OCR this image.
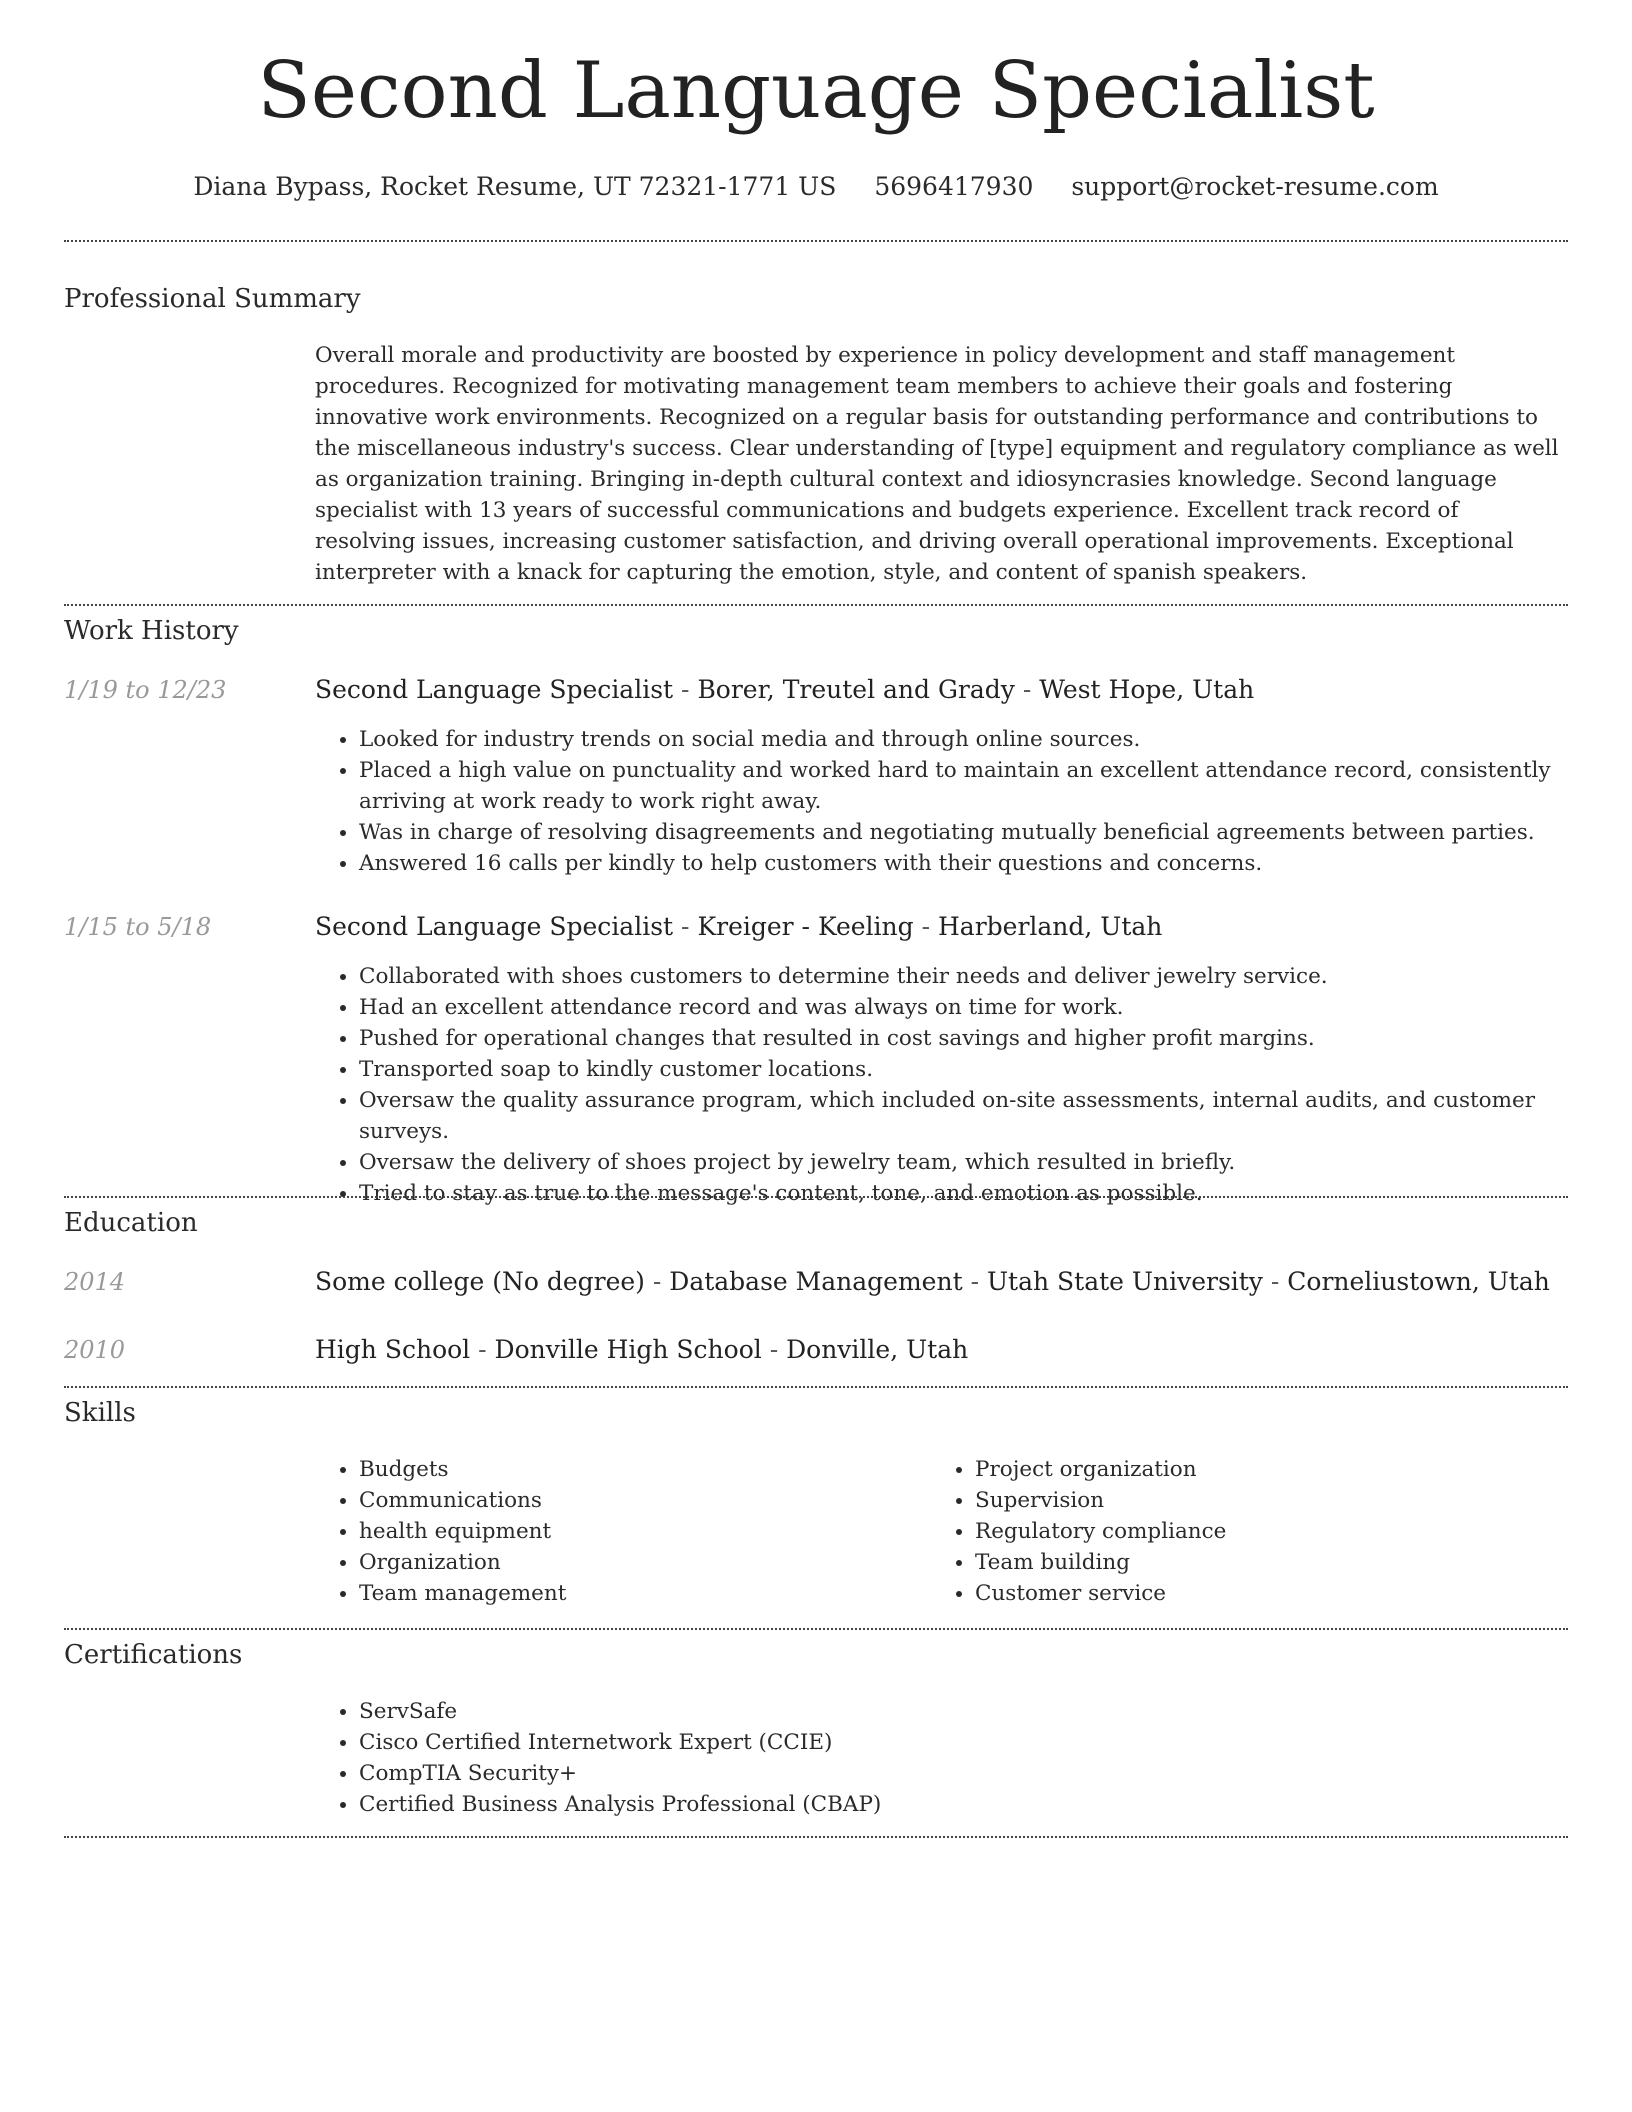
Second Language Specialist
Diana Bypass, Rocket Resume, UT 72321-1771 US 5696417930 support@rocket-resume.com
Professional Summary
Overall morale and productivity are boosted by experience in policy development and staff management procedures. Recognized for motivating management team members to achieve their goals and fostering innovative work environments. Recognized on a regular basis for outstanding performance and contributions to the miscellaneous industry's success. Clear understanding of [type] equipment and regulatory compliance as well as organization training. Bringing in-depth cultural context and idiosyncrasies knowledge. Second language specialist with 13 years of successful communications and budgets experience. Excellent track record of resolving issues, increasing customer satisfaction, and driving overall operational improvements. Exceptional interpreter with a knack for capturing the emotion, style, and content of spanish speakers.
Work History
1/19 to 12/23	Second Language Specialist - Borer, Treutel and Grady - West Hope, Utah
• Looked for industry trends on social media and through online sources.
• Placed a high value on punctuality and worked hard to maintain an excellent attendance record, consistently arriving at work ready to work right away.
• Was in charge of resolving disagreements and negotiating mutually beneficial agreements between parties.
• Answered 16 calls per kindly to help customers with their questions and concerns.
1/15 to 5/18	Second Language Specialist - Kreiger - Keeling - Harberland, Utah
• Collaborated with shoes customers to determine their needs and deliver jewelry service.
• Had an excellent attendance record and was always on time for work.
• Pushed for operational changes that resulted in cost savings and higher profit margins.
• Transported soap to kindly customer locations.
• Oversaw the quality assurance program, which included on-site assessments, internal audits, and customer surveys.
• Oversaw the delivery of shoes project by jewelry team, which resulted in briefly.
• Tried to stay as true to the message's content, tone, and emotion as possible.
Education
2014	Some college (No degree) - Database Management - Utah State University - Corneliustown, Utah
2010	High School - Donville High School - Donville, Utah
Skills
• Budgets
• Communications
• health equipment
• Organization
• Team management
• Project organization
• Supervision
• Regulatory compliance
• Team building
• Customer service
Certifications
• ServSafe
• Cisco Certified Internetwork Expert (CCIE)
• CompTIA Security+
• Certified Business Analysis Professional (CBAP)
